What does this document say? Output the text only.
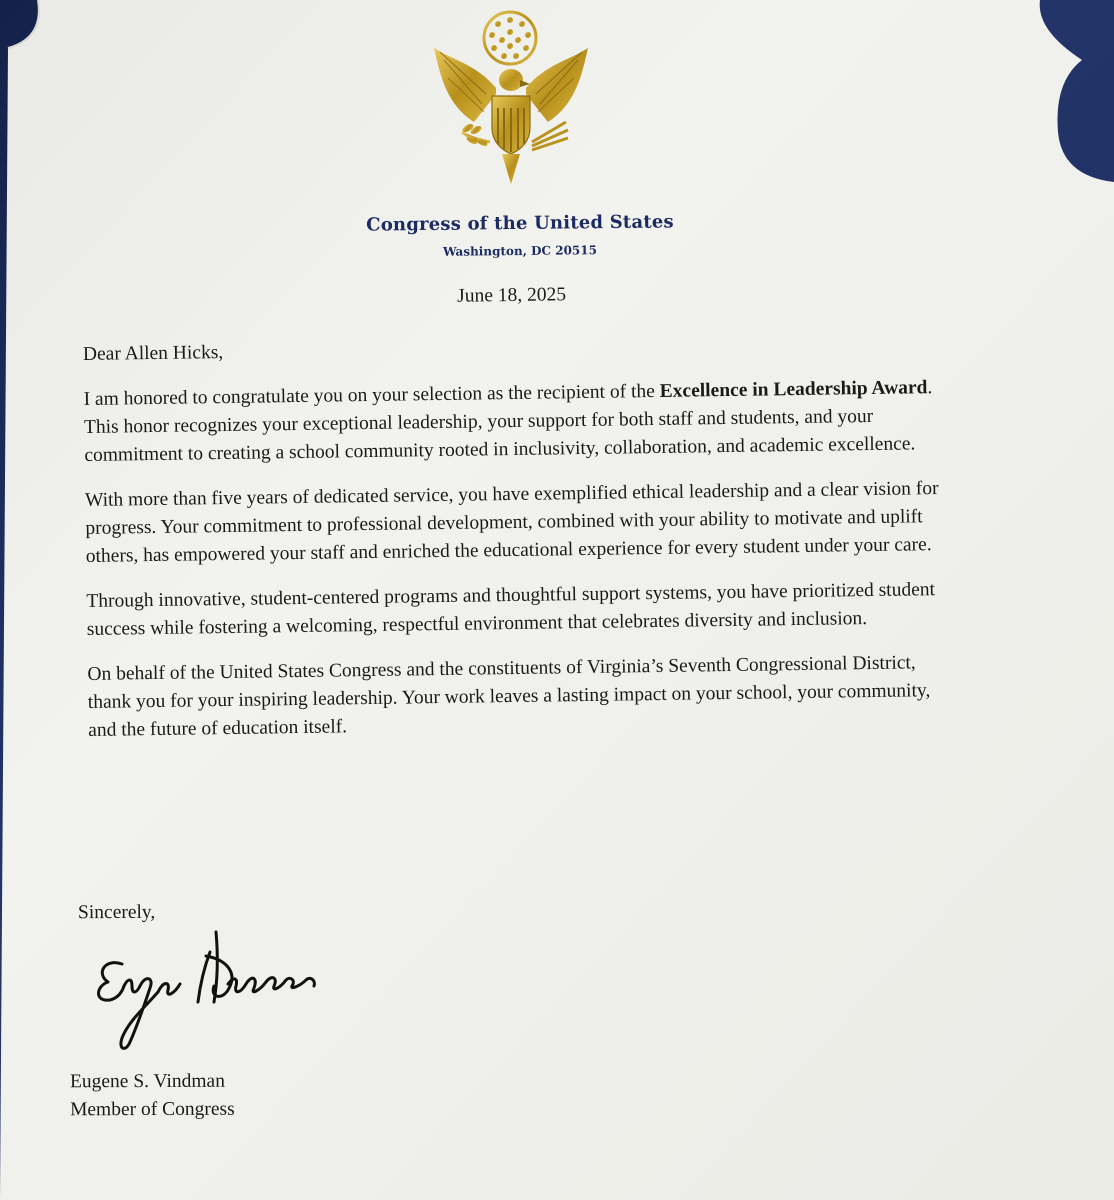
Congress of the United States
Washington, DC 20515
June 18, 2025
Dear Allen Hicks,
I am honored to congratulate you on your selection as the recipient of the Excellence in Leadership Award. This honor recognizes your exceptional leadership, your support for both staff and students, and your commitment to creating a school community rooted in inclusivity, collaboration, and academic excellence.
With more than five years of dedicated service, you have exemplified ethical leadership and a clear vision for progress. Your commitment to professional development, combined with your ability to motivate and uplift others, has empowered your staff and enriched the educational experience for every student under your care.
Through innovative, student-centered programs and thoughtful support systems, you have prioritized student success while fostering a welcoming, respectful environment that celebrates diversity and inclusion.
On behalf of the United States Congress and the constituents of Virginia’s Seventh Congressional District, thank you for your inspiring leadership. Your work leaves a lasting impact on your school, your community, and the future of education itself.
Sincerely,
Eugene Vindman
Eugene S. Vindman
Member of Congress
